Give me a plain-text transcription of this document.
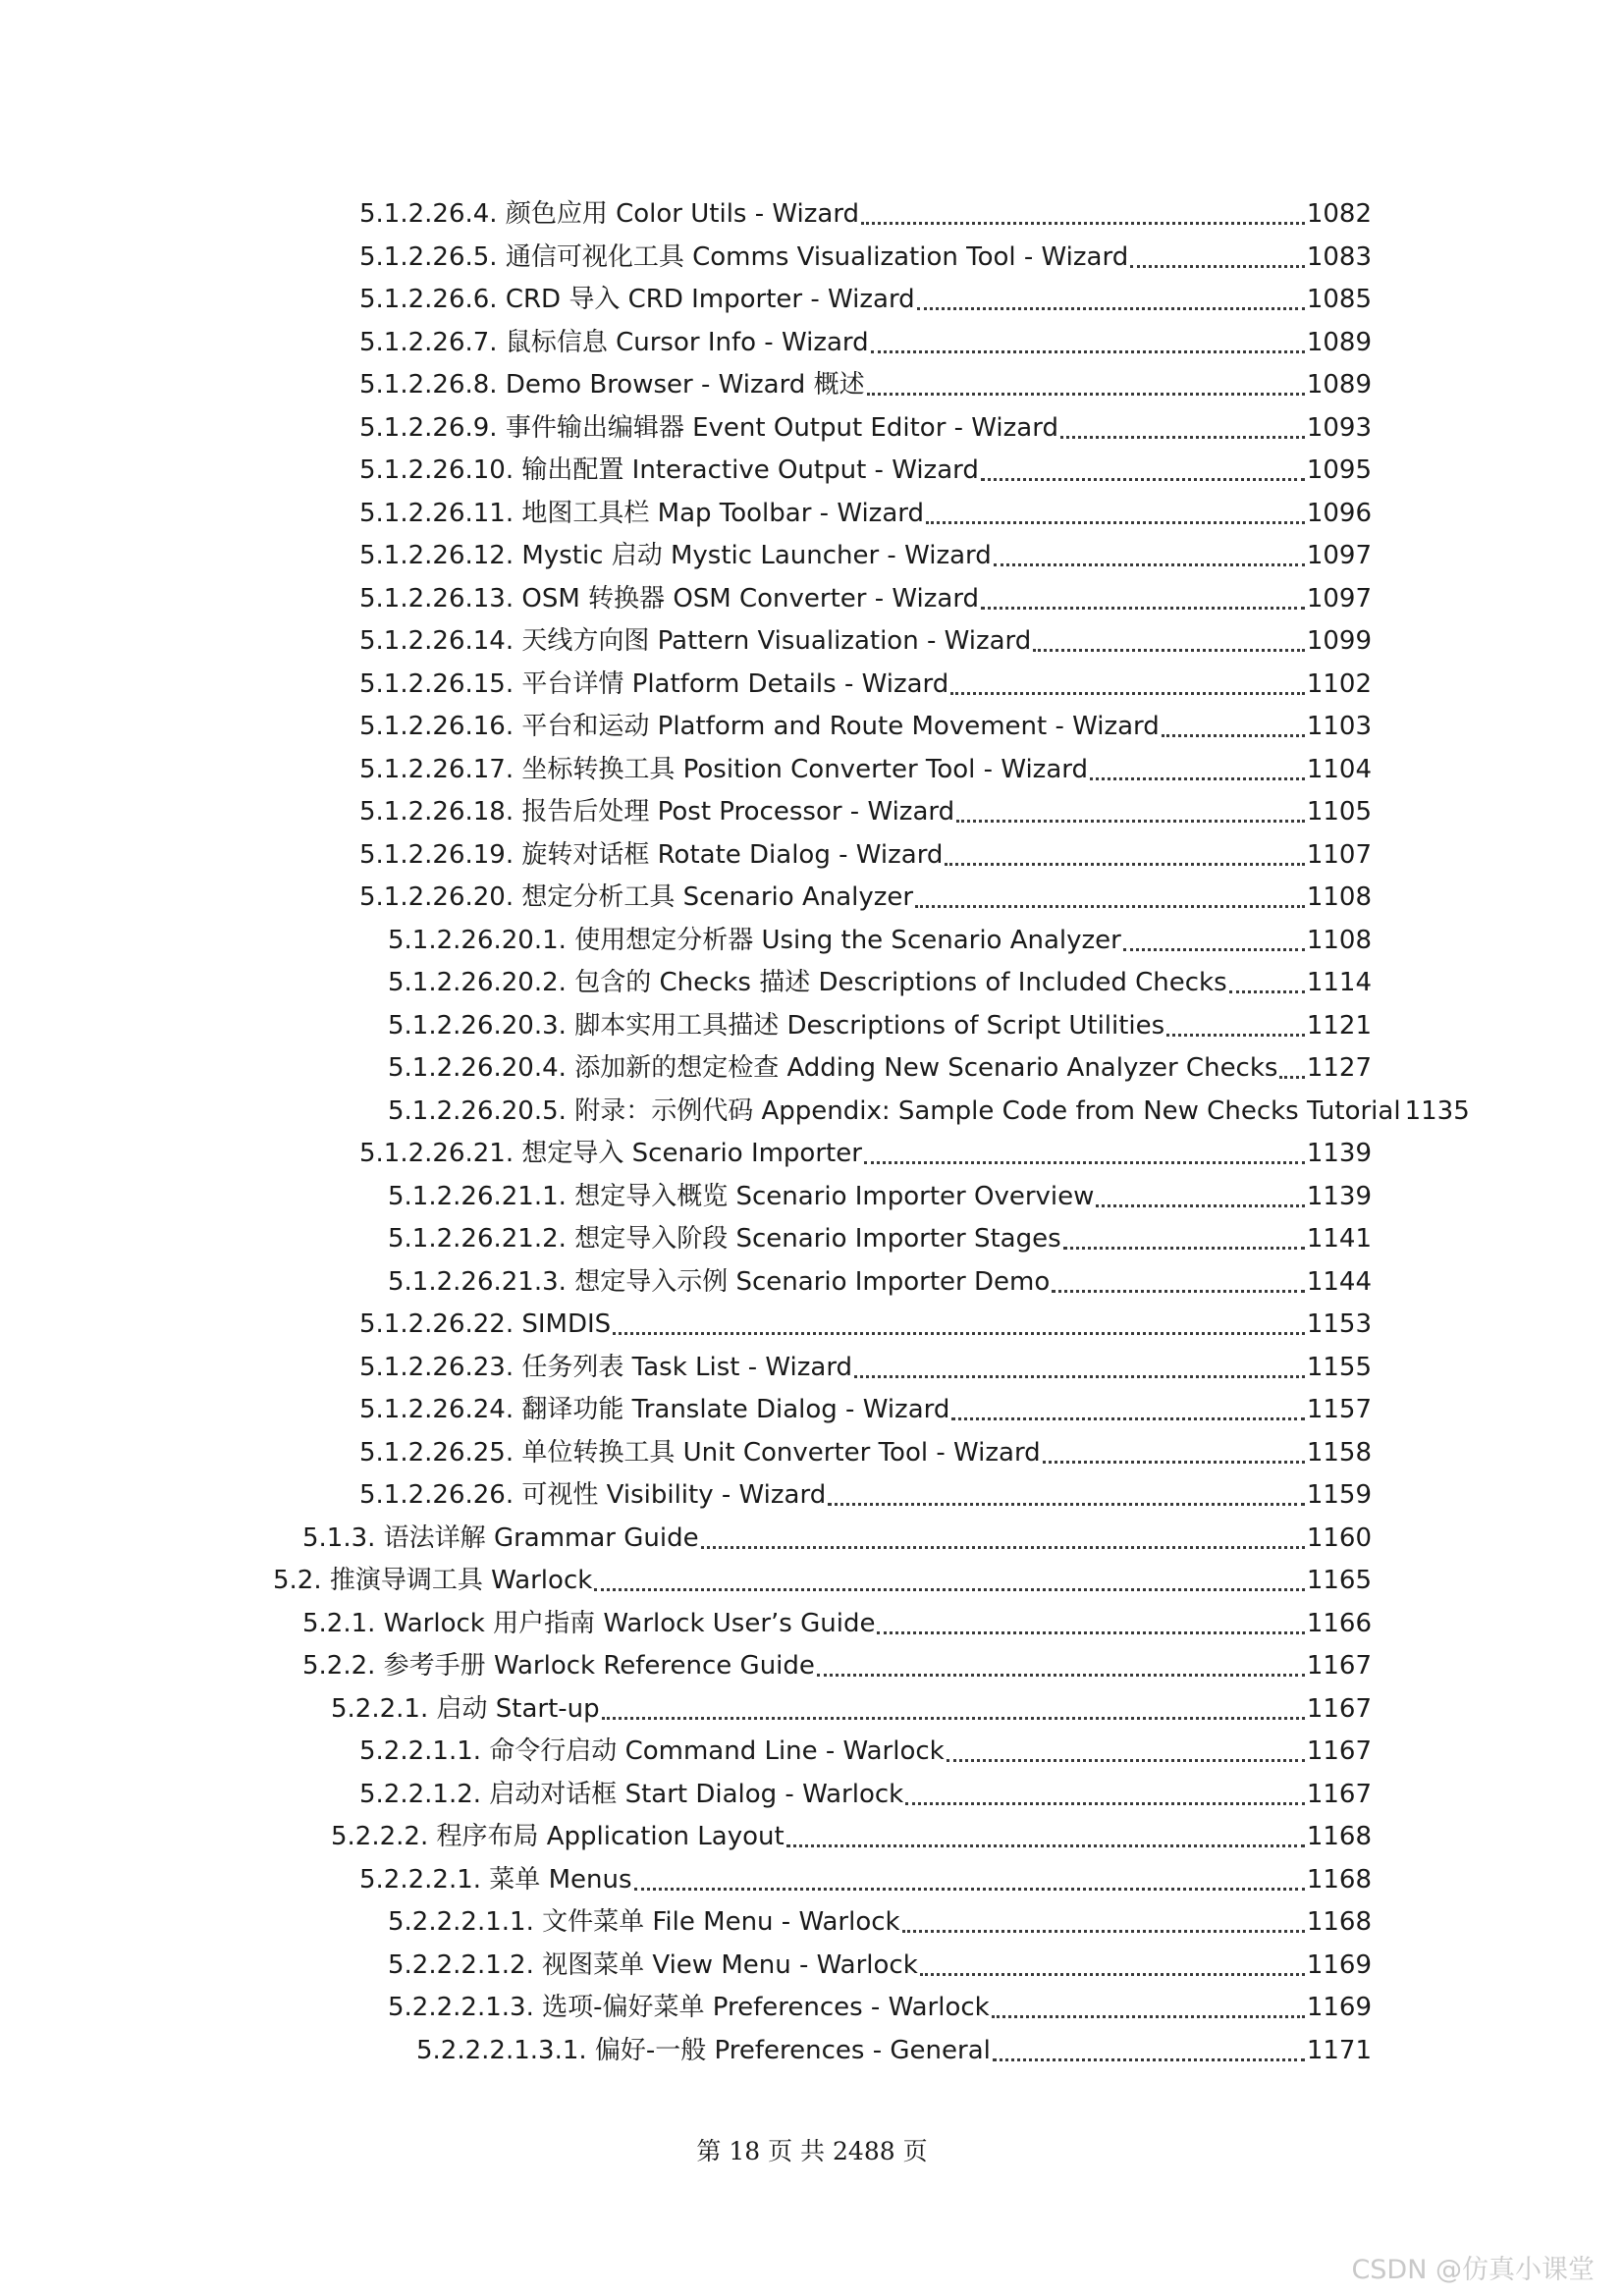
5.1.2.26.4. 颜色应用 Color Utils - Wizard	1082
5.1.2.26.5. 通信可视化工具 Comms Visualization Tool - Wizard	1083
5.1.2.26.6. CRD 导入 CRD Importer - Wizard	1085
5.1.2.26.7. 鼠标信息 Cursor Info - Wizard	1089
5.1.2.26.8. Demo Browser - Wizard 概述	1089
5.1.2.26.9. 事件输出编辑器 Event Output Editor - Wizard	1093
5.1.2.26.10. 输出配置 Interactive Output - Wizard	1095
5.1.2.26.11. 地图工具栏 Map Toolbar - Wizard	1096
5.1.2.26.12. Mystic 启动 Mystic Launcher - Wizard	1097
5.1.2.26.13. OSM 转换器 OSM Converter - Wizard	1097
5.1.2.26.14. 天线方向图 Pattern Visualization - Wizard	1099
5.1.2.26.15. 平台详情 Platform Details - Wizard	1102
5.1.2.26.16. 平台和运动 Platform and Route Movement - Wizard	1103
5.1.2.26.17. 坐标转换工具 Position Converter Tool - Wizard	1104
5.1.2.26.18. 报告后处理 Post Processor - Wizard	1105
5.1.2.26.19. 旋转对话框 Rotate Dialog - Wizard	1107
5.1.2.26.20. 想定分析工具 Scenario Analyzer	1108
5.1.2.26.20.1. 使用想定分析器 Using the Scenario Analyzer	1108
5.1.2.26.20.2. 包含的 Checks 描述 Descriptions of Included Checks	1114
5.1.2.26.20.3. 脚本实用工具描述 Descriptions of Script Utilities	1121
5.1.2.26.20.4. 添加新的想定检查 Adding New Scenario Analyzer Checks 1127
5.1.2.26.20.5. 附录：示例代码 Appendix: Sample Code from New Checks Tutorial 1135
5.1.2.26.21. 想定导入 Scenario Importer	1139
5.1.2.26.21.1. 想定导入概览 Scenario Importer Overview	1139
5.1.2.26.21.2. 想定导入阶段 Scenario Importer Stages	1141
5.1.2.26.21.3. 想定导入示例 Scenario Importer Demo	1144
5.1.2.26.22. SIMDIS	1153
5.1.2.26.23. 任务列表 Task List - Wizard	1155
5.1.2.26.24. 翻译功能 Translate Dialog - Wizard	1157
5.1.2.26.25. 单位转换工具 Unit Converter Tool - Wizard	1158
5.1.2.26.26. 可视性 Visibility - Wizard	1159
5.1.3. 语法详解 Grammar Guide	1160
5.2. 推演导调工具 Warlock	1165
5.2.1. Warlock 用户指南 Warlock User’s Guide	1166
5.2.2. 参考手册 Warlock Reference Guide	1167
5.2.2.1. 启动 Start-up	1167
5.2.2.1.1. 命令行启动 Command Line - Warlock	1167
5.2.2.1.2. 启动对话框 Start Dialog - Warlock	1167
5.2.2.2. 程序布局 Application Layout	1168
5.2.2.2.1. 菜单 Menus	1168
5.2.2.2.1.1. 文件菜单 File Menu - Warlock	1168
5.2.2.2.1.2. 视图菜单 View Menu - Warlock	1169
5.2.2.2.1.3. 选项-偏好菜单 Preferences - Warlock	1169
5.2.2.2.1.3.1. 偏好-一般 Preferences - General	1171
第 18 页 共 2488 页
CSDN @仿真小课堂
